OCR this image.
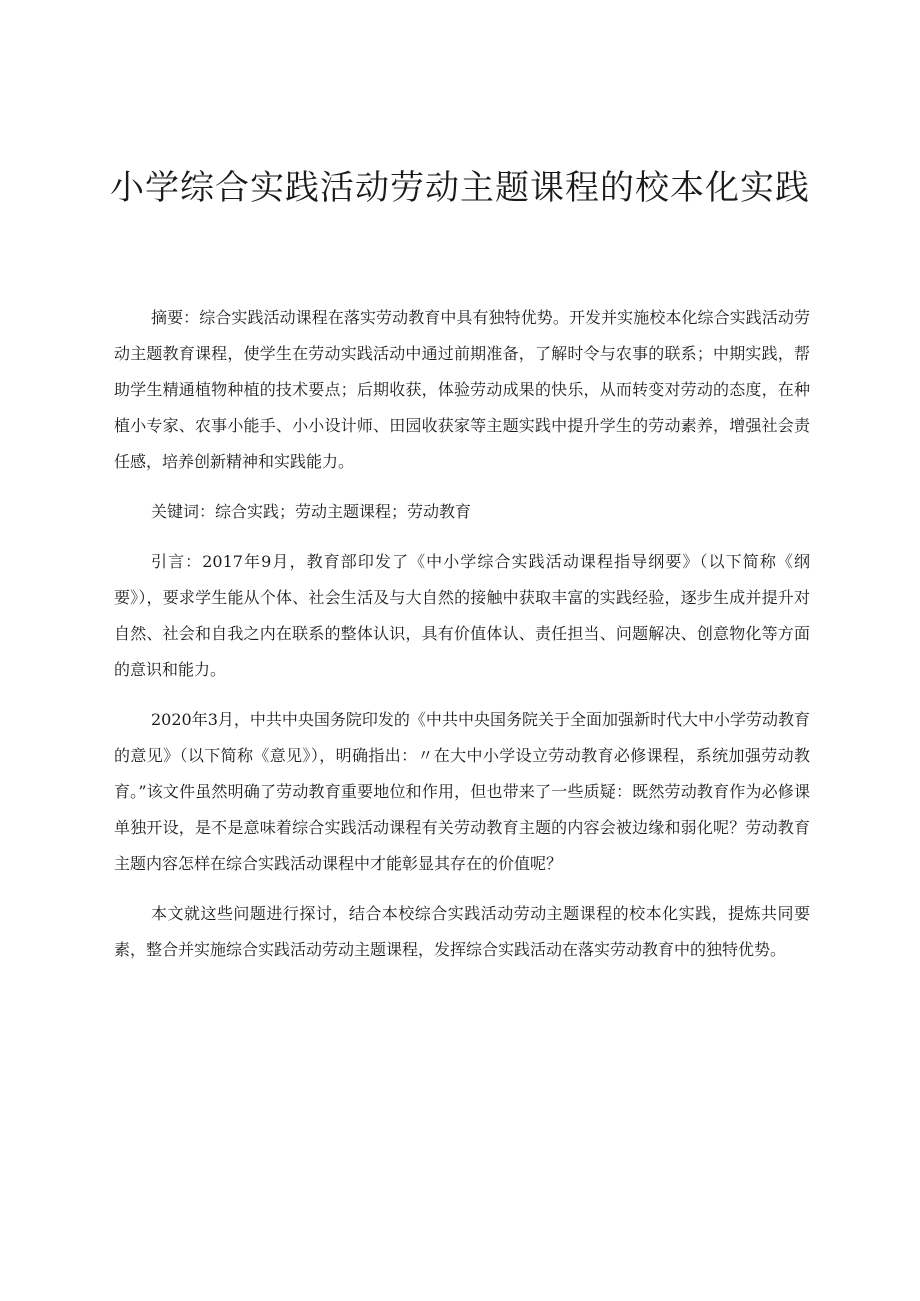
小学综合实践活动劳动主题课程的校本化实践

摘要：综合实践活动课程在落实劳动教育中具有独特优势。开发并实施校本化综合实践活动劳动主题教育课程，使学生在劳动实践活动中通过前期准备，了解时令与农事的联系；中期实践，帮助学生精通植物种植的技术要点；后期收获，体验劳动成果的快乐，从而转变对劳动的态度，在种植小专家、农事小能手、小小设计师、田园收获家等主题实践中提升学生的劳动素养，增强社会责任感，培养创新精神和实践能力。

关键词：综合实践；劳动主题课程；劳动教育

引言：2017年9月，教育部印发了《中小学综合实践活动课程指导纲要》（以下简称《纲要》），要求学生能从个体、社会生活及与大自然的接触中获取丰富的实践经验，逐步生成并提升对自然、社会和自我之内在联系的整体认识，具有价值体认、责任担当、问题解决、创意物化等方面的意识和能力。

2020年3月，中共中央国务院印发的《中共中央国务院关于全面加强新时代大中小学劳动教育的意见》（以下简称《意见》），明确指出：〃在大中小学设立劳动教育必修课程，系统加强劳动教育。”该文件虽然明确了劳动教育重要地位和作用，但也带来了一些质疑：既然劳动教育作为必修课单独开设，是不是意味着综合实践活动课程有关劳动教育主题的内容会被边缘和弱化呢？劳动教育主题内容怎样在综合实践活动课程中才能彰显其存在的价值呢？

本文就这些问题进行探讨，结合本校综合实践活动劳动主题课程的校本化实践，提炼共同要素，整合并实施综合实践活动劳动主题课程，发挥综合实践活动在落实劳动教育中的独特优势。
